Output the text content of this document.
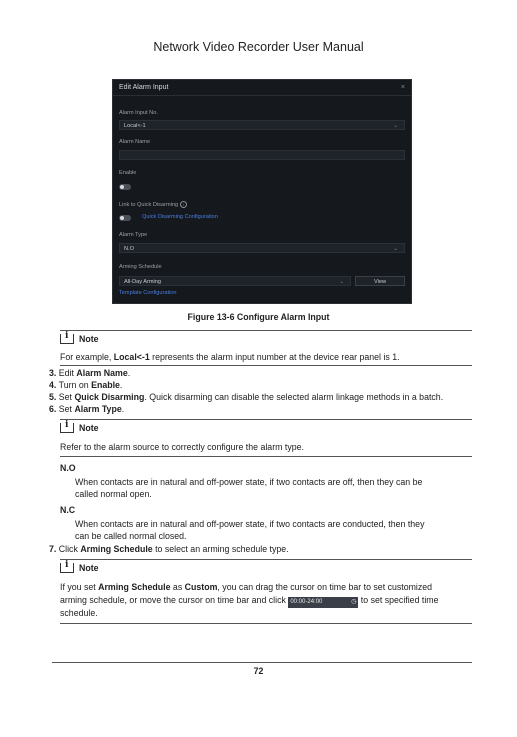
Network Video Recorder User Manual
Edit Alarm Input	×
Alarm Input No.
Local<-1	⌄
Alarm Name
Enable
Link to Quick Disarming i
Quick Disarming Configuration
Alarm Type
N.O	⌄
Arming Schedule
All-Day Arming	⌄	View
Template Configuration
Figure 13-6 Configure Alarm Input
i Note
For example, Local<-1 represents the alarm input number at the device rear panel is 1.
3. Edit Alarm Name.
4. Turn on Enable.
5. Set Quick Disarming. Quick disarming can disable the selected alarm linkage methods in a batch.
6. Set Alarm Type.
i Note
Refer to the alarm source to correctly configure the alarm type.
N.O
When contacts are in natural and off-power state, if two contacts are off, then they can be
called normal open.
N.C
When contacts are in natural and off-power state, if two contacts are conducted, then they
can be called normal closed.
7. Click Arming Schedule to select an arming schedule type.
i Note
If you set Arming Schedule as Custom, you can drag the cursor on time bar to set customized
arming schedule, or move the cursor on time bar and click 00:00-24:00	◷ to set specified time
schedule.
72
